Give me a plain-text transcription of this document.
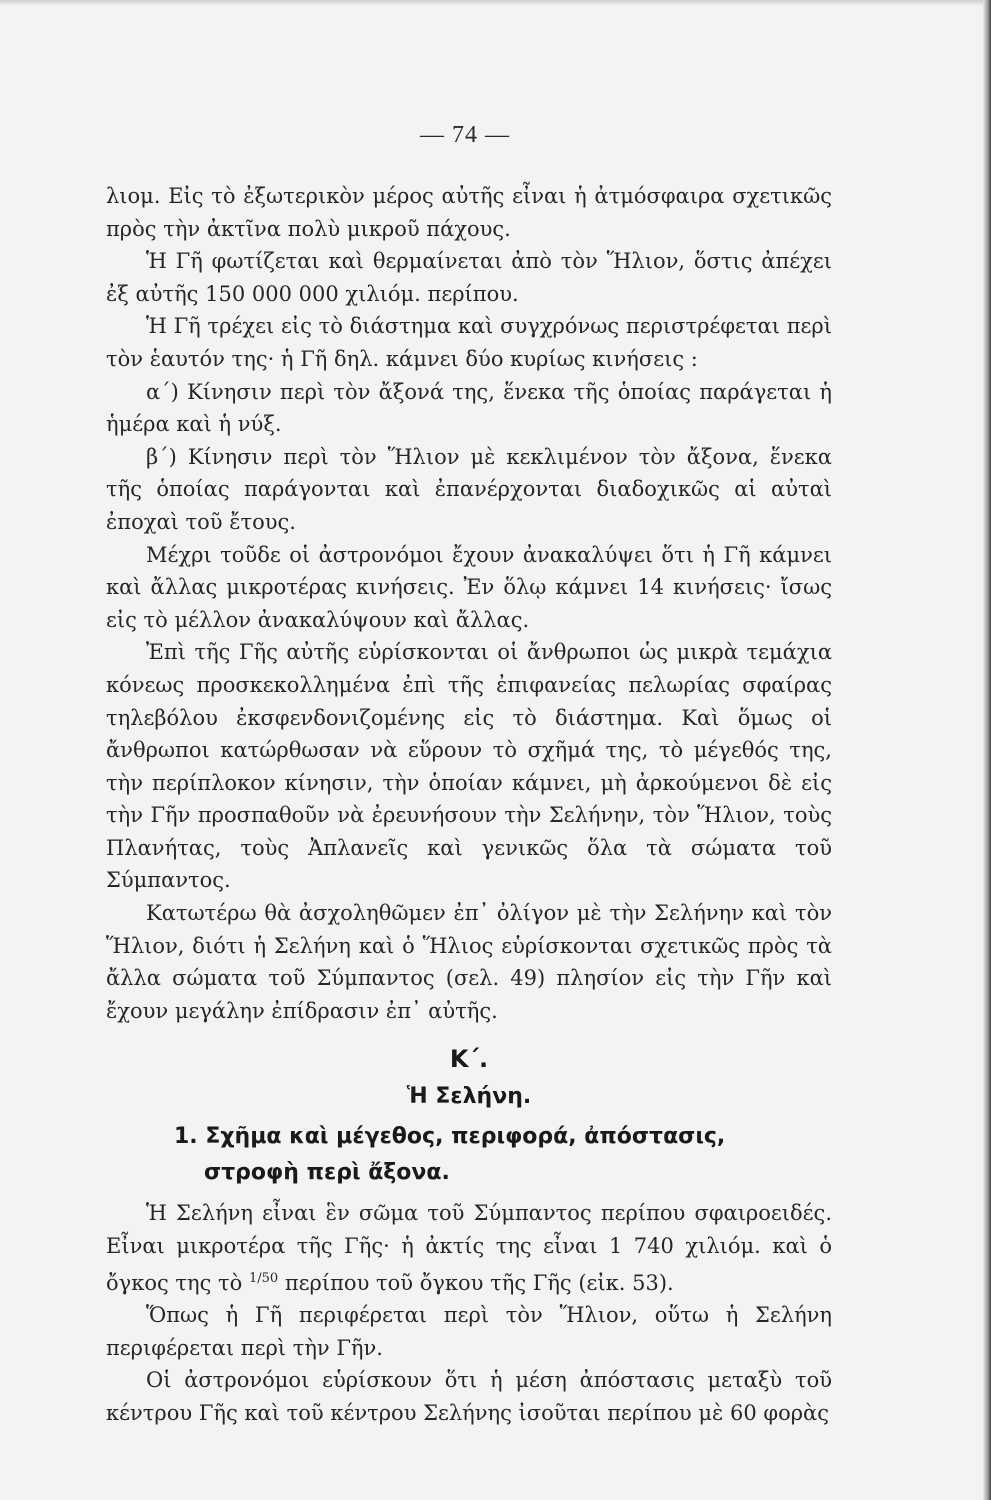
— 74 —

λιομ. Εἰς τὸ ἐξωτερικὸν μέρος αὐτῆς εἶναι ἡ ἀτμόσφαιρα σχετικῶς πρὸς τὴν ἀκτῖνα πολὺ μικροῦ πάχους.

Ἡ Γῆ φωτίζεται καὶ θερμαίνεται ἀπὸ τὸν Ἥλιον, ὅστις ἀπέχει ἐξ αὐτῆς 150 000 000 χιλιόμ. περίπου.

Ἡ Γῆ τρέχει εἰς τὸ διάστημα καὶ συγχρόνως περιστρέφεται περὶ τὸν ἑαυτόν της· ἡ Γῆ δηλ. κάμνει δύο κυρίως κινήσεις :

α΄) Κίνησιν περὶ τὸν ἄξονά της, ἕνεκα τῆς ὁποίας παράγεται ἡ ἡμέρα καὶ ἡ νύξ.

β΄) Κίνησιν περὶ τὸν Ἥλιον μὲ κεκλιμένον τὸν ἄξονα, ἕνεκα τῆς ὁποίας παράγονται καὶ ἐπανέρχονται διαδοχικῶς αἱ αὐταὶ ἐποχαὶ τοῦ ἔτους.

Μέχρι τοῦδε οἱ ἀστρονόμοι ἔχουν ἀνακαλύψει ὅτι ἡ Γῆ κάμνει καὶ ἄλλας μικροτέρας κινήσεις. Ἐν ὅλῳ κάμνει 14 κινήσεις· ἴσως εἰς τὸ μέλλον ἀνακαλύψουν καὶ ἄλλας.

Ἐπὶ τῆς Γῆς αὐτῆς εὑρίσκονται οἱ ἄνθρωποι ὡς μικρὰ τεμάχια κόνεως προσκεκολλημένα ἐπὶ τῆς ἐπιφανείας πελωρίας σφαίρας τηλεβόλου ἐκσφενδονιζομένης εἰς τὸ διάστημα. Καὶ ὅμως οἱ ἄνθρωποι κατώρθωσαν νὰ εὕρουν τὸ σχῆμά της, τὸ μέγεθός της, τὴν περίπλοκον κίνησιν, τὴν ὁποίαν κάμνει, μὴ ἀρκούμενοι δὲ εἰς τὴν Γῆν προσπαθοῦν νὰ ἐρευνήσουν τὴν Σελήνην, τὸν Ἥλιον, τοὺς Πλανήτας, τοὺς Ἀπλανεῖς καὶ γενικῶς ὅλα τὰ σώματα τοῦ Σύμπαντος.

Κατωτέρω θὰ ἀσχοληθῶμεν ἐπ᾽ ὀλίγον μὲ τὴν Σελήνην καὶ τὸν Ἥλιον, διότι ἡ Σελήνη καὶ ὁ Ἥλιος εὑρίσκονται σχετικῶς πρὸς τὰ ἄλλα σώματα τοῦ Σύμπαντος (σελ. 49) πλησίον εἰς τὴν Γῆν καὶ ἔχουν μεγάλην ἐπίδρασιν ἐπ᾽ αὐτῆς.

Κ΄.

Ἡ Σελήνη.

1. Σχῆμα καὶ μέγεθος, περιφορά, ἀπόστασις,
στροφὴ περὶ ἄξονα.

Ἡ Σελήνη εἶναι ἓν σῶμα τοῦ Σύμπαντος περίπου σφαιροειδές. Εἶναι μικροτέρα τῆς Γῆς· ἡ ἀκτίς της εἶναι 1 740 χιλιόμ. καὶ ὁ ὄγκος της τὸ $^{1/50}$ περίπου τοῦ ὄγκου τῆς Γῆς (εἰκ. 53).

Ὅπως ἡ Γῆ περιφέρεται περὶ τὸν Ἥλιον, οὕτω ἡ Σελήνη περιφέρεται περὶ τὴν Γῆν.

Οἱ ἀστρονόμοι εὑρίσκουν ὅτι ἡ μέση ἀπόστασις μεταξὺ τοῦ κέντρου Γῆς καὶ τοῦ κέντρου Σελήνης ἰσοῦται περίπου μὲ 60 φορὰς
